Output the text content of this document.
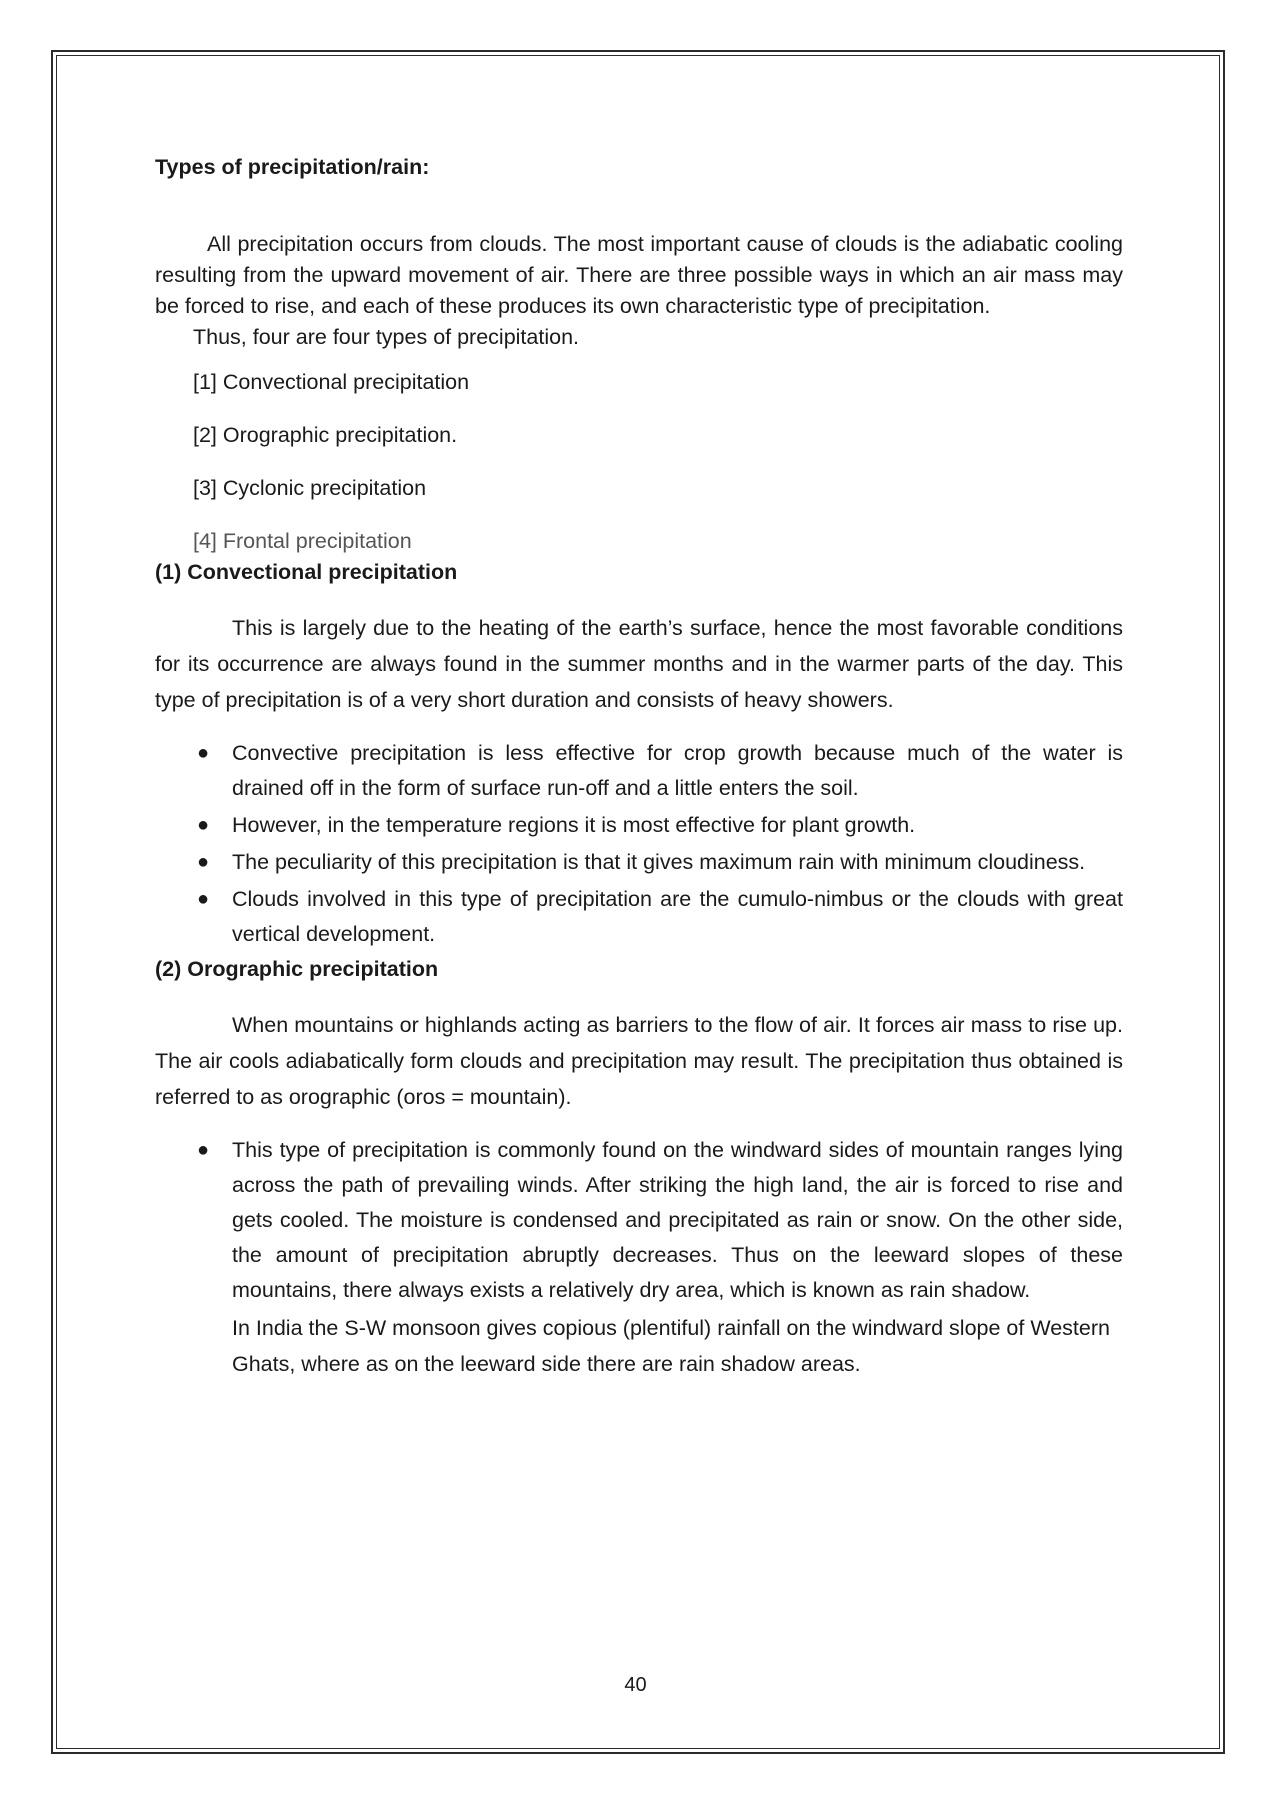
Types of precipitation/rain:

All precipitation occurs from clouds. The most important cause of clouds is the adiabatic cooling resulting from the upward movement of air. There are three possible ways in which an air mass may be forced to rise, and each of these produces its own characteristic type of precipitation.

Thus, four are four types of precipitation.

[1] Convectional precipitation
[2] Orographic precipitation.
[3] Cyclonic precipitation
[4] Frontal precipitation

(1) Convectional precipitation

This is largely due to the heating of the earth’s surface, hence the most favorable conditions for its occurrence are always found in the summer months and in the warmer parts of the day. This type of precipitation is of a very short duration and consists of heavy showers.

● Convective precipitation is less effective for crop growth because much of the water is drained off in the form of surface run-off and a little enters the soil.
● However, in the temperature regions it is most effective for plant growth.
● The peculiarity of this precipitation is that it gives maximum rain with minimum cloudiness.
● Clouds involved in this type of precipitation are the cumulo-nimbus or the clouds with great vertical development.

(2) Orographic precipitation

When mountains or highlands acting as barriers to the flow of air. It forces air mass to rise up. The air cools adiabatically form clouds and precipitation may result. The precipitation thus obtained is referred to as orographic (oros = mountain).

● This type of precipitation is commonly found on the windward sides of mountain ranges lying across the path of prevailing winds. After striking the high land, the air is forced to rise and gets cooled. The moisture is condensed and precipitated as rain or snow. On the other side, the amount of precipitation abruptly decreases. Thus on the leeward slopes of these mountains, there always exists a relatively dry area, which is known as rain shadow.

In India the S-W monsoon gives copious (plentiful) rainfall on the windward slope of Western Ghats, where as on the leeward side there are rain shadow areas.

40
